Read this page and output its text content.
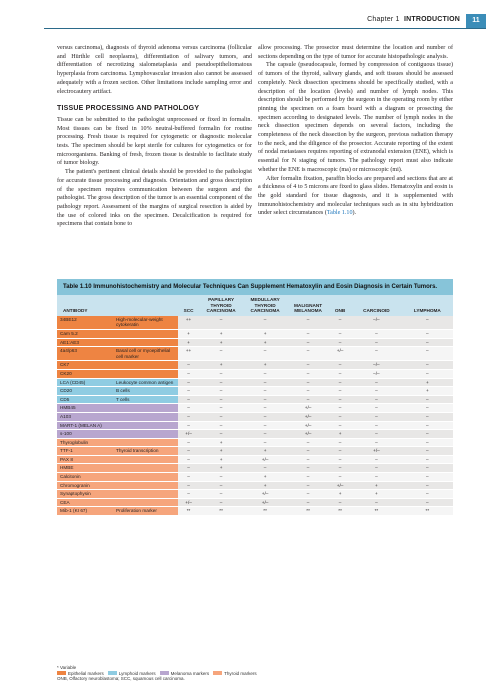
Chapter 1 INTRODUCTION	11

versus carcinoma), diagnosis of thyroid adenoma versus carcinoma (follicular and Hürthle cell neoplasms), differentiation of salivary tumors, and differentiation of necrotizing sialometaplasia and pseudoepitheliomatous hyperplasia from carcinoma. Lymphovascular invasion also cannot be assessed adequately with a frozen section. Other limitations include sampling error and electrocautery artifact.

TISSUE PROCESSING AND PATHOLOGY

Tissue can be submitted to the pathologist unprocessed or fixed in formalin. Most tissues can be fixed in 10% neutral-buffered formalin for routine processing. Fresh tissue is required for cytogenetic or diagnostic molecular tests. The specimen should be kept sterile for cultures for cytogenetics or for microorganisms. Banking of fresh, frozen tissue is desirable to facilitate study of tumor biology.

The patient's pertinent clinical details should be provided to the pathologist for accurate tissue processing and diagnosis. Orientation and gross description of the specimen requires communication between the surgeon and the pathologist. The gross description of the tumor is an essential component of the pathology report. Assessment of the margins of surgical resection is aided by the use of colored inks on the specimen. Decalcification is required for specimens that contain bone to

allow processing. The prosector must determine the location and number of sections depending on the type of tumor for accurate histopathologic analysis.

The capsule (pseudocapsule, formed by compression of contiguous tissue) of tumors of the thyroid, salivary glands, and soft tissues should be assessed completely. Neck dissection specimens should be specifically studied, with a description of the location (levels) and number of lymph nodes. This description should be performed by the surgeon in the operating room by either pinning the specimen on a foam board with a diagram or prosecting the specimen according to designated levels. The number of lymph nodes in the neck dissection specimen depends on several factors, including the completeness of the neck dissection by the surgeon, previous radiation therapy to the neck, and the diligence of the prosector. Accurate reporting of the extent of nodal metastases requires reporting of extranodal extension (ENE), which is essential for N staging of tumors. The pathology report must also indicate whether the ENE is macroscopic (ma) or microscopic (mi).

After formalin fixation, paraffin blocks are prepared and sections that are at a thickness of 4 to 5 microns are fixed to glass slides. Hematoxylin and eosin is the gold standard for tissue diagnosis, and it is supplemented with immunohistochemistry and molecular techniques such as in situ hybridization under select circumstances (Table 1.10).

Table 1.10 Immunohistochemistry and Molecular Techniques Can Supplement Hematoxylin and Eosin Diagnosis in Certain Tumors.
ANTIBODY		SCC	PAPILLARY THYROID CARCINOMA	MEDULLARY THYROID CARCINOMA	MALIGNANT MELANOMA	ONB	CARCINOID	LYMPHOMA
34BE12	High-molecular-weight cytokeratin	++	–	–	–	–	–/–	–
Cam 5.2		+	+	+	–	–	–	–
AE1:AE3		+	+	+	–	–	–	–
4a4/p63	Basal cell or myoepithelial cell marker	++	–	–	–	+/–	–	–
CK7		–	+	+	–	–	–/–	–
CK20		–	–	–	–	–	–/–	–
LCA (CD45)	Leukocyte common antigen	–	–	–	–	–	–	+
CD20	B cells	–	–	–	–	–	–	+
CD5	T cells	–	–	–	–	–	–	–
HMB45		–	–	–	+/–	–	–	–
A103		–	–	–	+/–	–	–	–
MART-1 (MELAN A)		–	–	–	+/–	–	–	–
s-100		+/–	–	–	+/–	+	–	–
Thyroglobulin		–	+	–	–	–	–	–
TTF-1	Thyroid transcription	–	+	+	–	–	+/–	–
PAX 8		–	+	+/–	–	–	–	–
HMBE		–	+	–	–	–	–	–
Calcitonin		–	–	+	–	–	–	–
Chromogranin		–	–	+	–	+/–	+	–
Synaptophysin		–	–	+/–	–	+	+	–
CEA		+/–	–	+/–	–	–	–	–
Mib-1 (KI 67)	Proliferation marker	**	**	**	**	**	**	**
* Variable
Epithelial markers	Lymphoid markers	Melanoma markers	Thyroid markers
ONB, Olfactory neuroblastoma; SCC, squamous cell carcinoma.
